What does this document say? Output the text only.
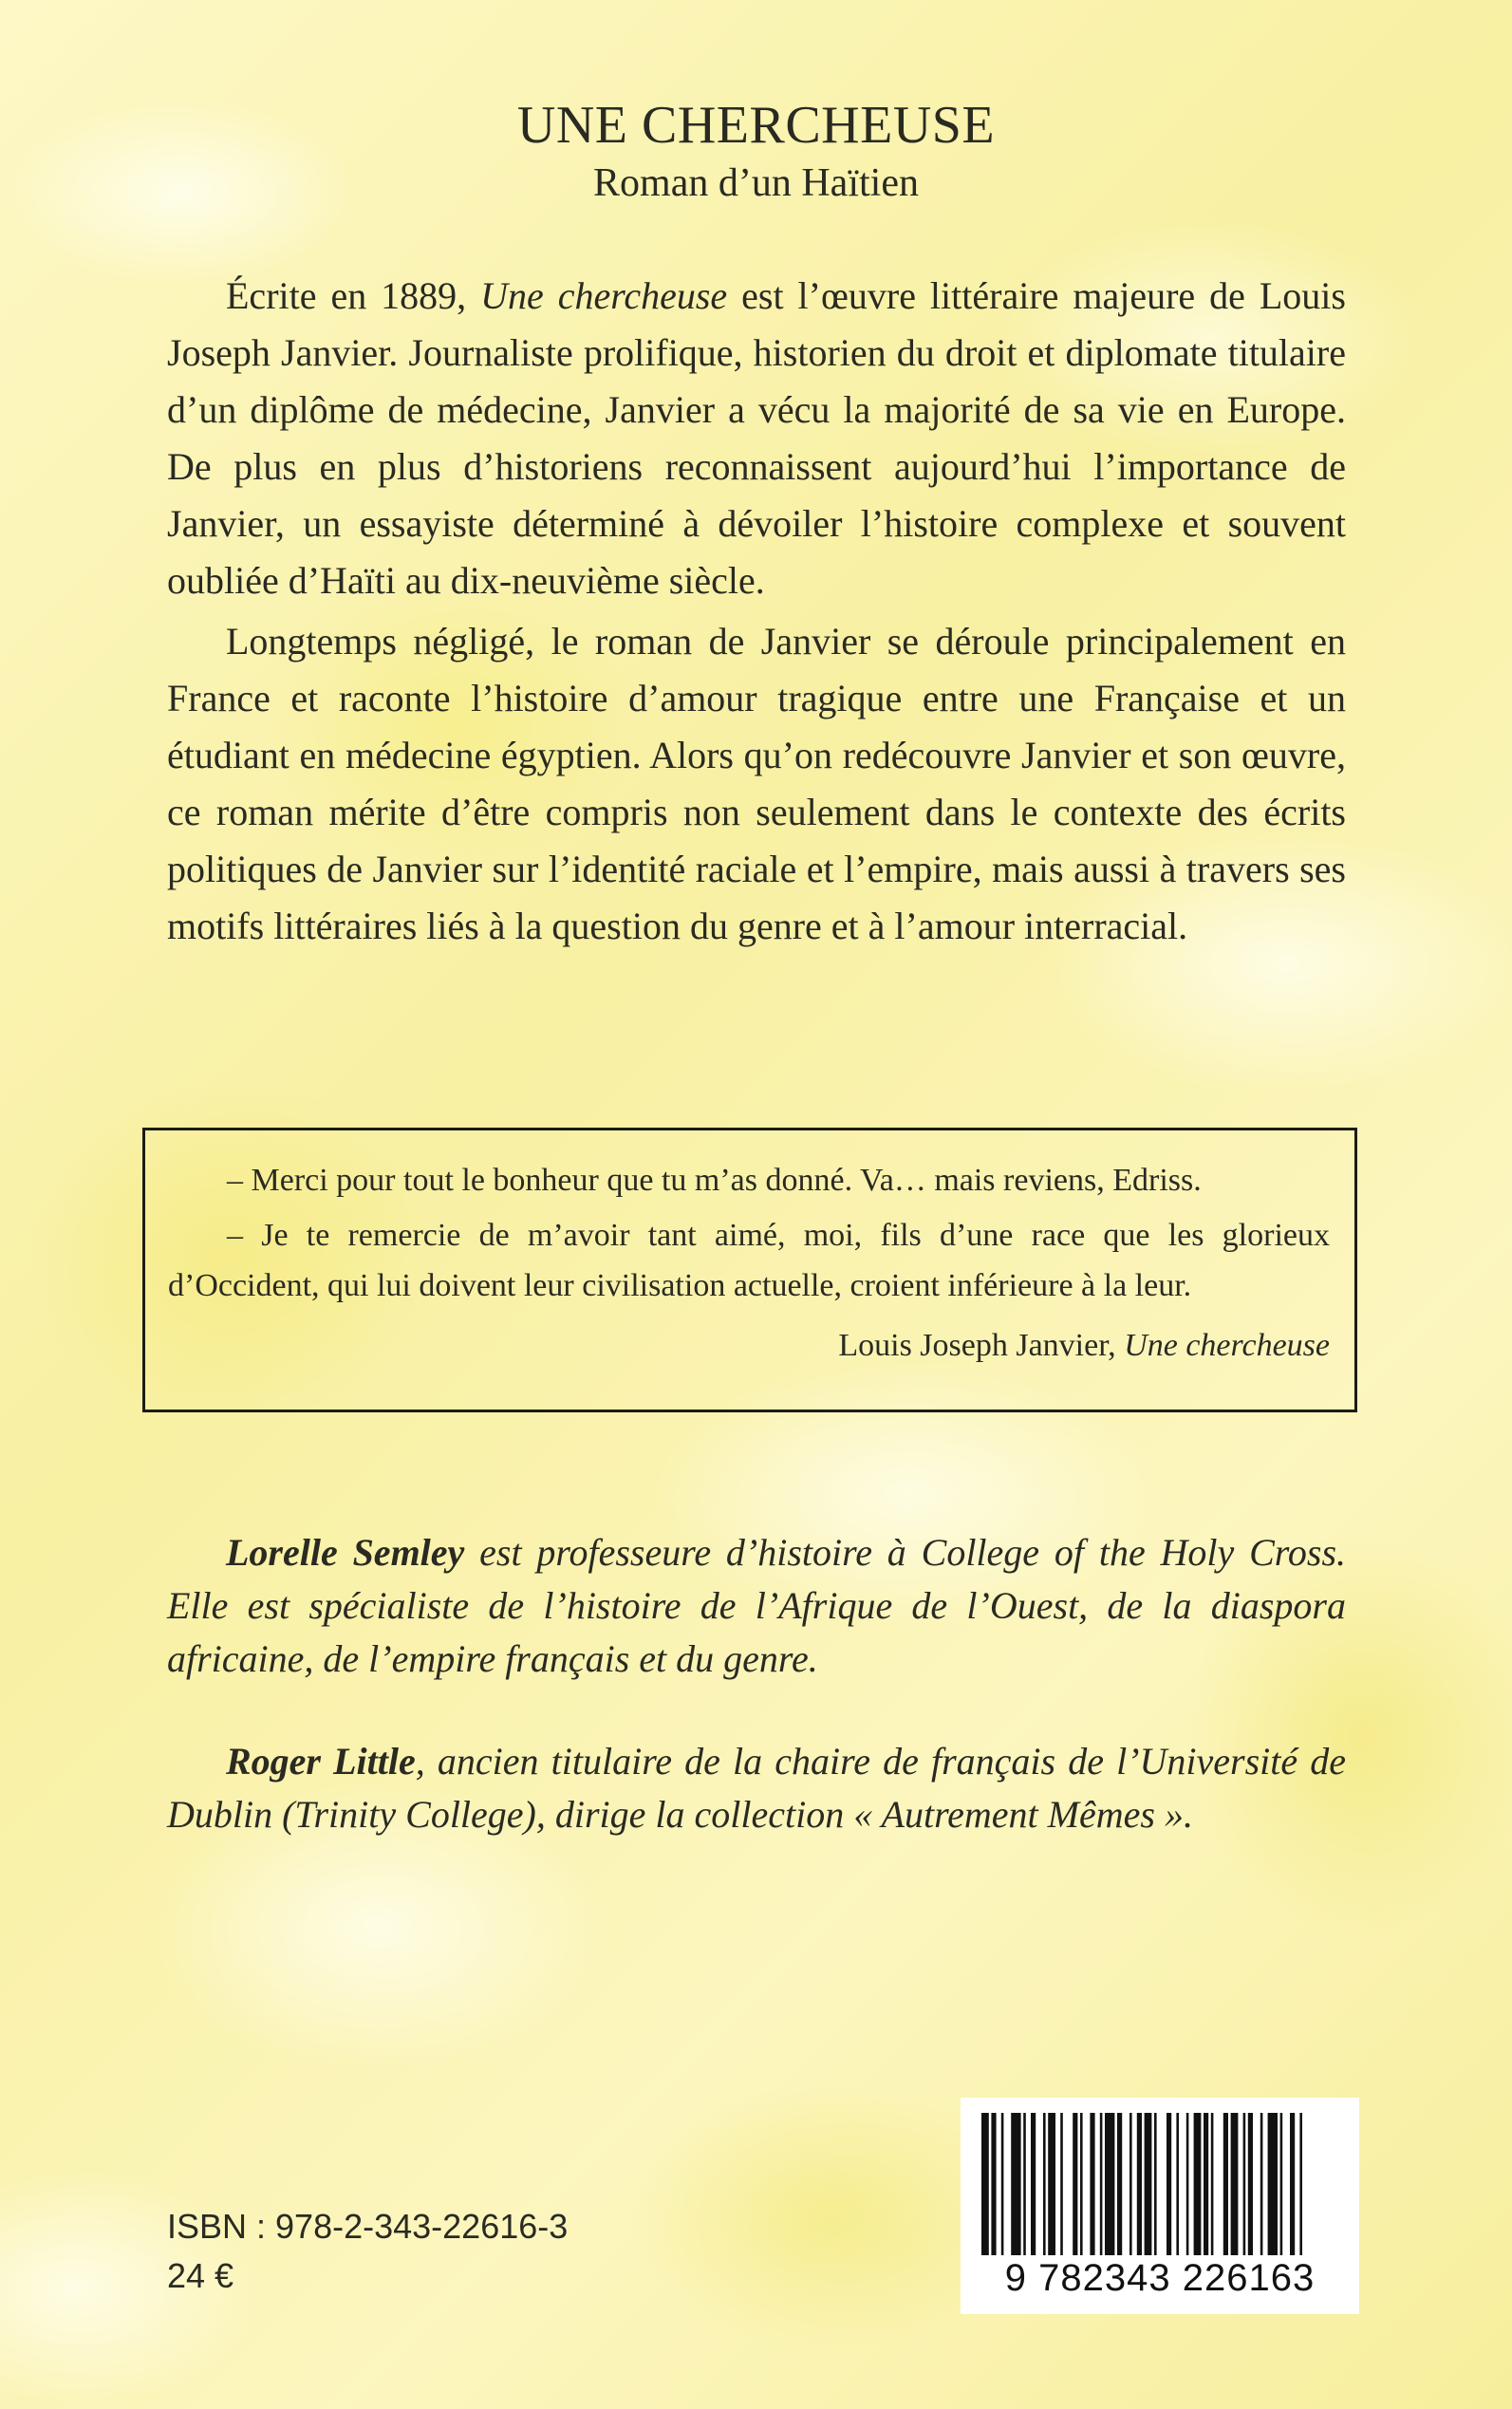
UNE CHERCHEUSE
Roman d’un Haïtien

Écrite en 1889, Une chercheuse est l’œuvre littéraire majeure de Louis Joseph Janvier. Journaliste prolifique, historien du droit et diplomate titulaire d’un diplôme de médecine, Janvier a vécu la majorité de sa vie en Europe. De plus en plus d’historiens reconnaissent aujourd’hui l’importance de Janvier, un essayiste déterminé à dévoiler l’histoire complexe et souvent oubliée d’Haïti au dix-neuvième siècle.

Longtemps négligé, le roman de Janvier se déroule principalement en France et raconte l’histoire d’amour tragique entre une Française et un étudiant en médecine égyptien. Alors qu’on redécouvre Janvier et son œuvre, ce roman mérite d’être compris non seulement dans le contexte des écrits politiques de Janvier sur l’identité raciale et l’empire, mais aussi à travers ses motifs littéraires liés à la question du genre et à l’amour interracial.

– Merci pour tout le bonheur que tu m’as donné. Va… mais reviens, Edriss.

– Je te remercie de m’avoir tant aimé, moi, fils d’une race que les glorieux d’Occident, qui lui doivent leur civilisation actuelle, croient inférieure à la leur.

Louis Joseph Janvier, Une chercheuse

Lorelle Semley est professeure d’histoire à College of the Holy Cross. Elle est spécialiste de l’histoire de l’Afrique de l’Ouest, de la diaspora africaine, de l’empire français et du genre.

Roger Little, ancien titulaire de la chaire de français de l’Université de Dublin (Trinity College), dirige la collection « Autrement Mêmes ».

ISBN : 978-2-343-22616-3
24 €	9 782343 226163
